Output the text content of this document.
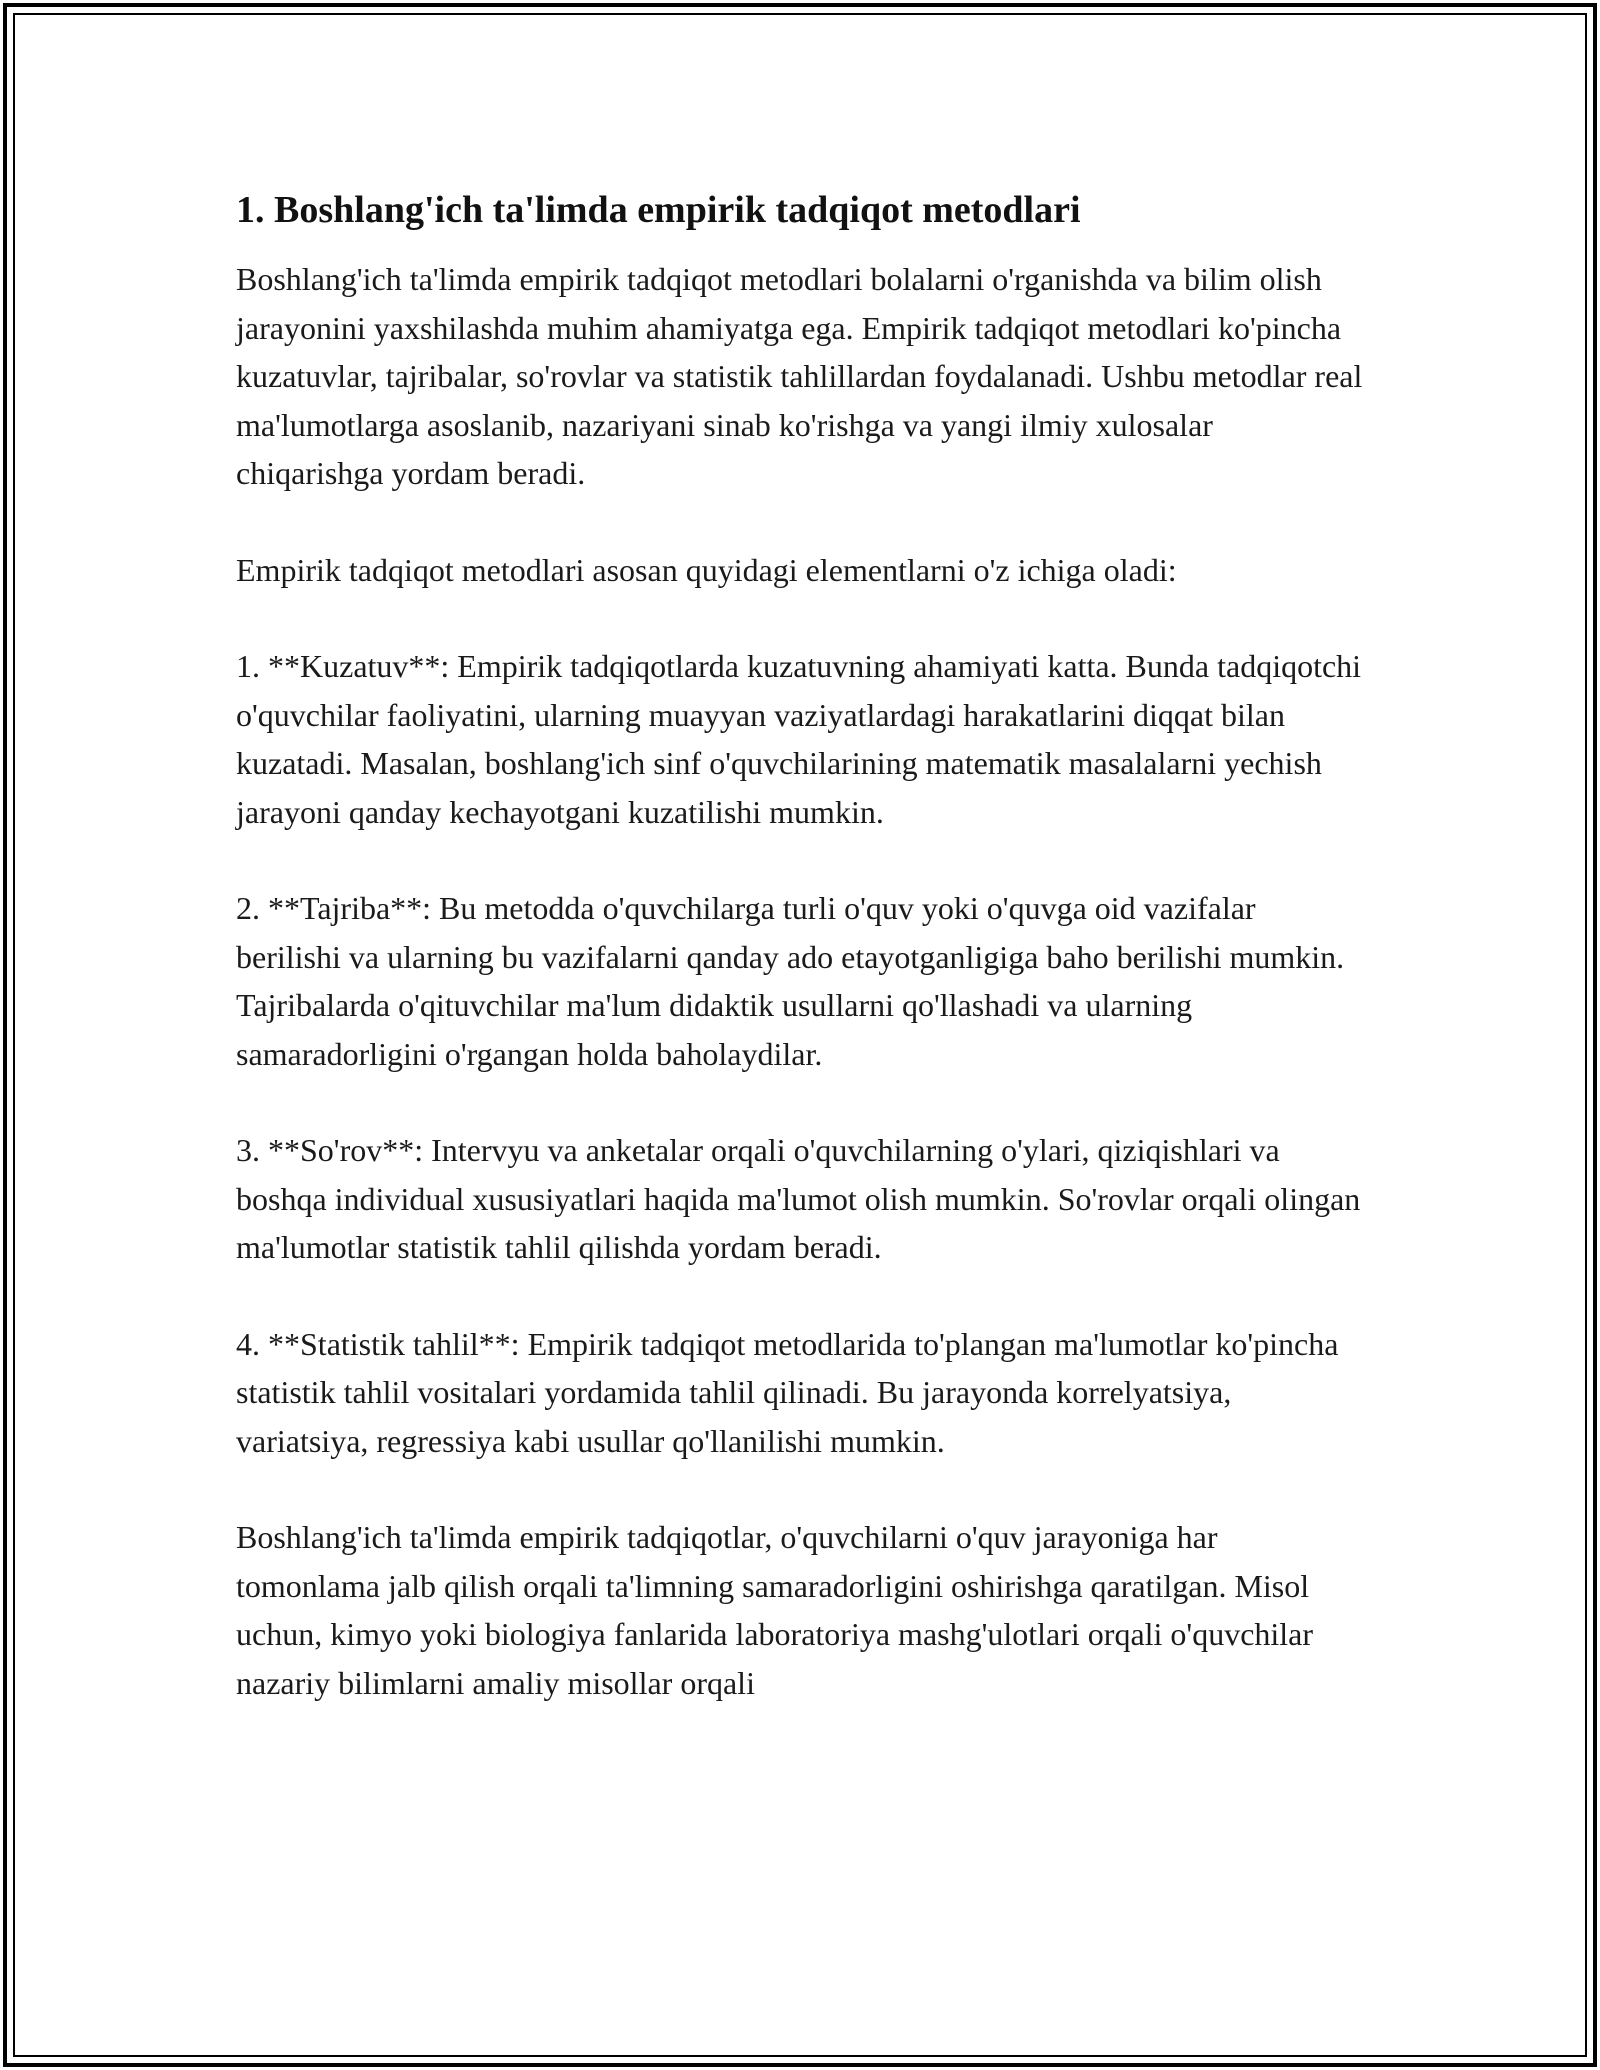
1. Boshlang'ich ta'limda empirik tadqiqot metodlari

Boshlang'ich ta'limda empirik tadqiqot metodlari bolalarni o'rganishda va bilim olish jarayonini yaxshilashda muhim ahamiyatga ega. Empirik tadqiqot metodlari ko'pincha kuzatuvlar, tajribalar, so'rovlar va statistik tahlillardan foydalanadi. Ushbu metodlar real ma'lumotlarga asoslanib, nazariyani sinab ko'rishga va yangi ilmiy xulosalar chiqarishga yordam beradi.

Empirik tadqiqot metodlari asosan quyidagi elementlarni o'z ichiga oladi:

1. **Kuzatuv**: Empirik tadqiqotlarda kuzatuvning ahamiyati katta. Bunda tadqiqotchi o'quvchilar faoliyatini, ularning muayyan vaziyatlardagi harakatlarini diqqat bilan kuzatadi. Masalan, boshlang'ich sinf o'quvchilarining matematik masalalarni yechish jarayoni qanday kechayotgani kuzatilishi mumkin.

2. **Tajriba**: Bu metodda o'quvchilarga turli o'quv yoki o'quvga oid vazifalar berilishi va ularning bu vazifalarni qanday ado etayotganligiga baho berilishi mumkin. Tajribalarda o'qituvchilar ma'lum didaktik usullarni qo'llashadi va ularning samaradorligini o'rgangan holda baholaydilar.

3. **So'rov**: Intervyu va anketalar orqali o'quvchilarning o'ylari, qiziqishlari va boshqa individual xususiyatlari haqida ma'lumot olish mumkin. So'rovlar orqali olingan ma'lumotlar statistik tahlil qilishda yordam beradi.

4. **Statistik tahlil**: Empirik tadqiqot metodlarida to'plangan ma'lumotlar ko'pincha statistik tahlil vositalari yordamida tahlil qilinadi. Bu jarayonda korrelyatsiya, variatsiya, regressiya kabi usullar qo'llanilishi mumkin.

Boshlang'ich ta'limda empirik tadqiqotlar, o'quvchilarni o'quv jarayoniga har tomonlama jalb qilish orqali ta'limning samaradorligini oshirishga qaratilgan. Misol uchun, kimyo yoki biologiya fanlarida laboratoriya mashg'ulotlari orqali o'quvchilar nazariy bilimlarni amaliy misollar orqali
